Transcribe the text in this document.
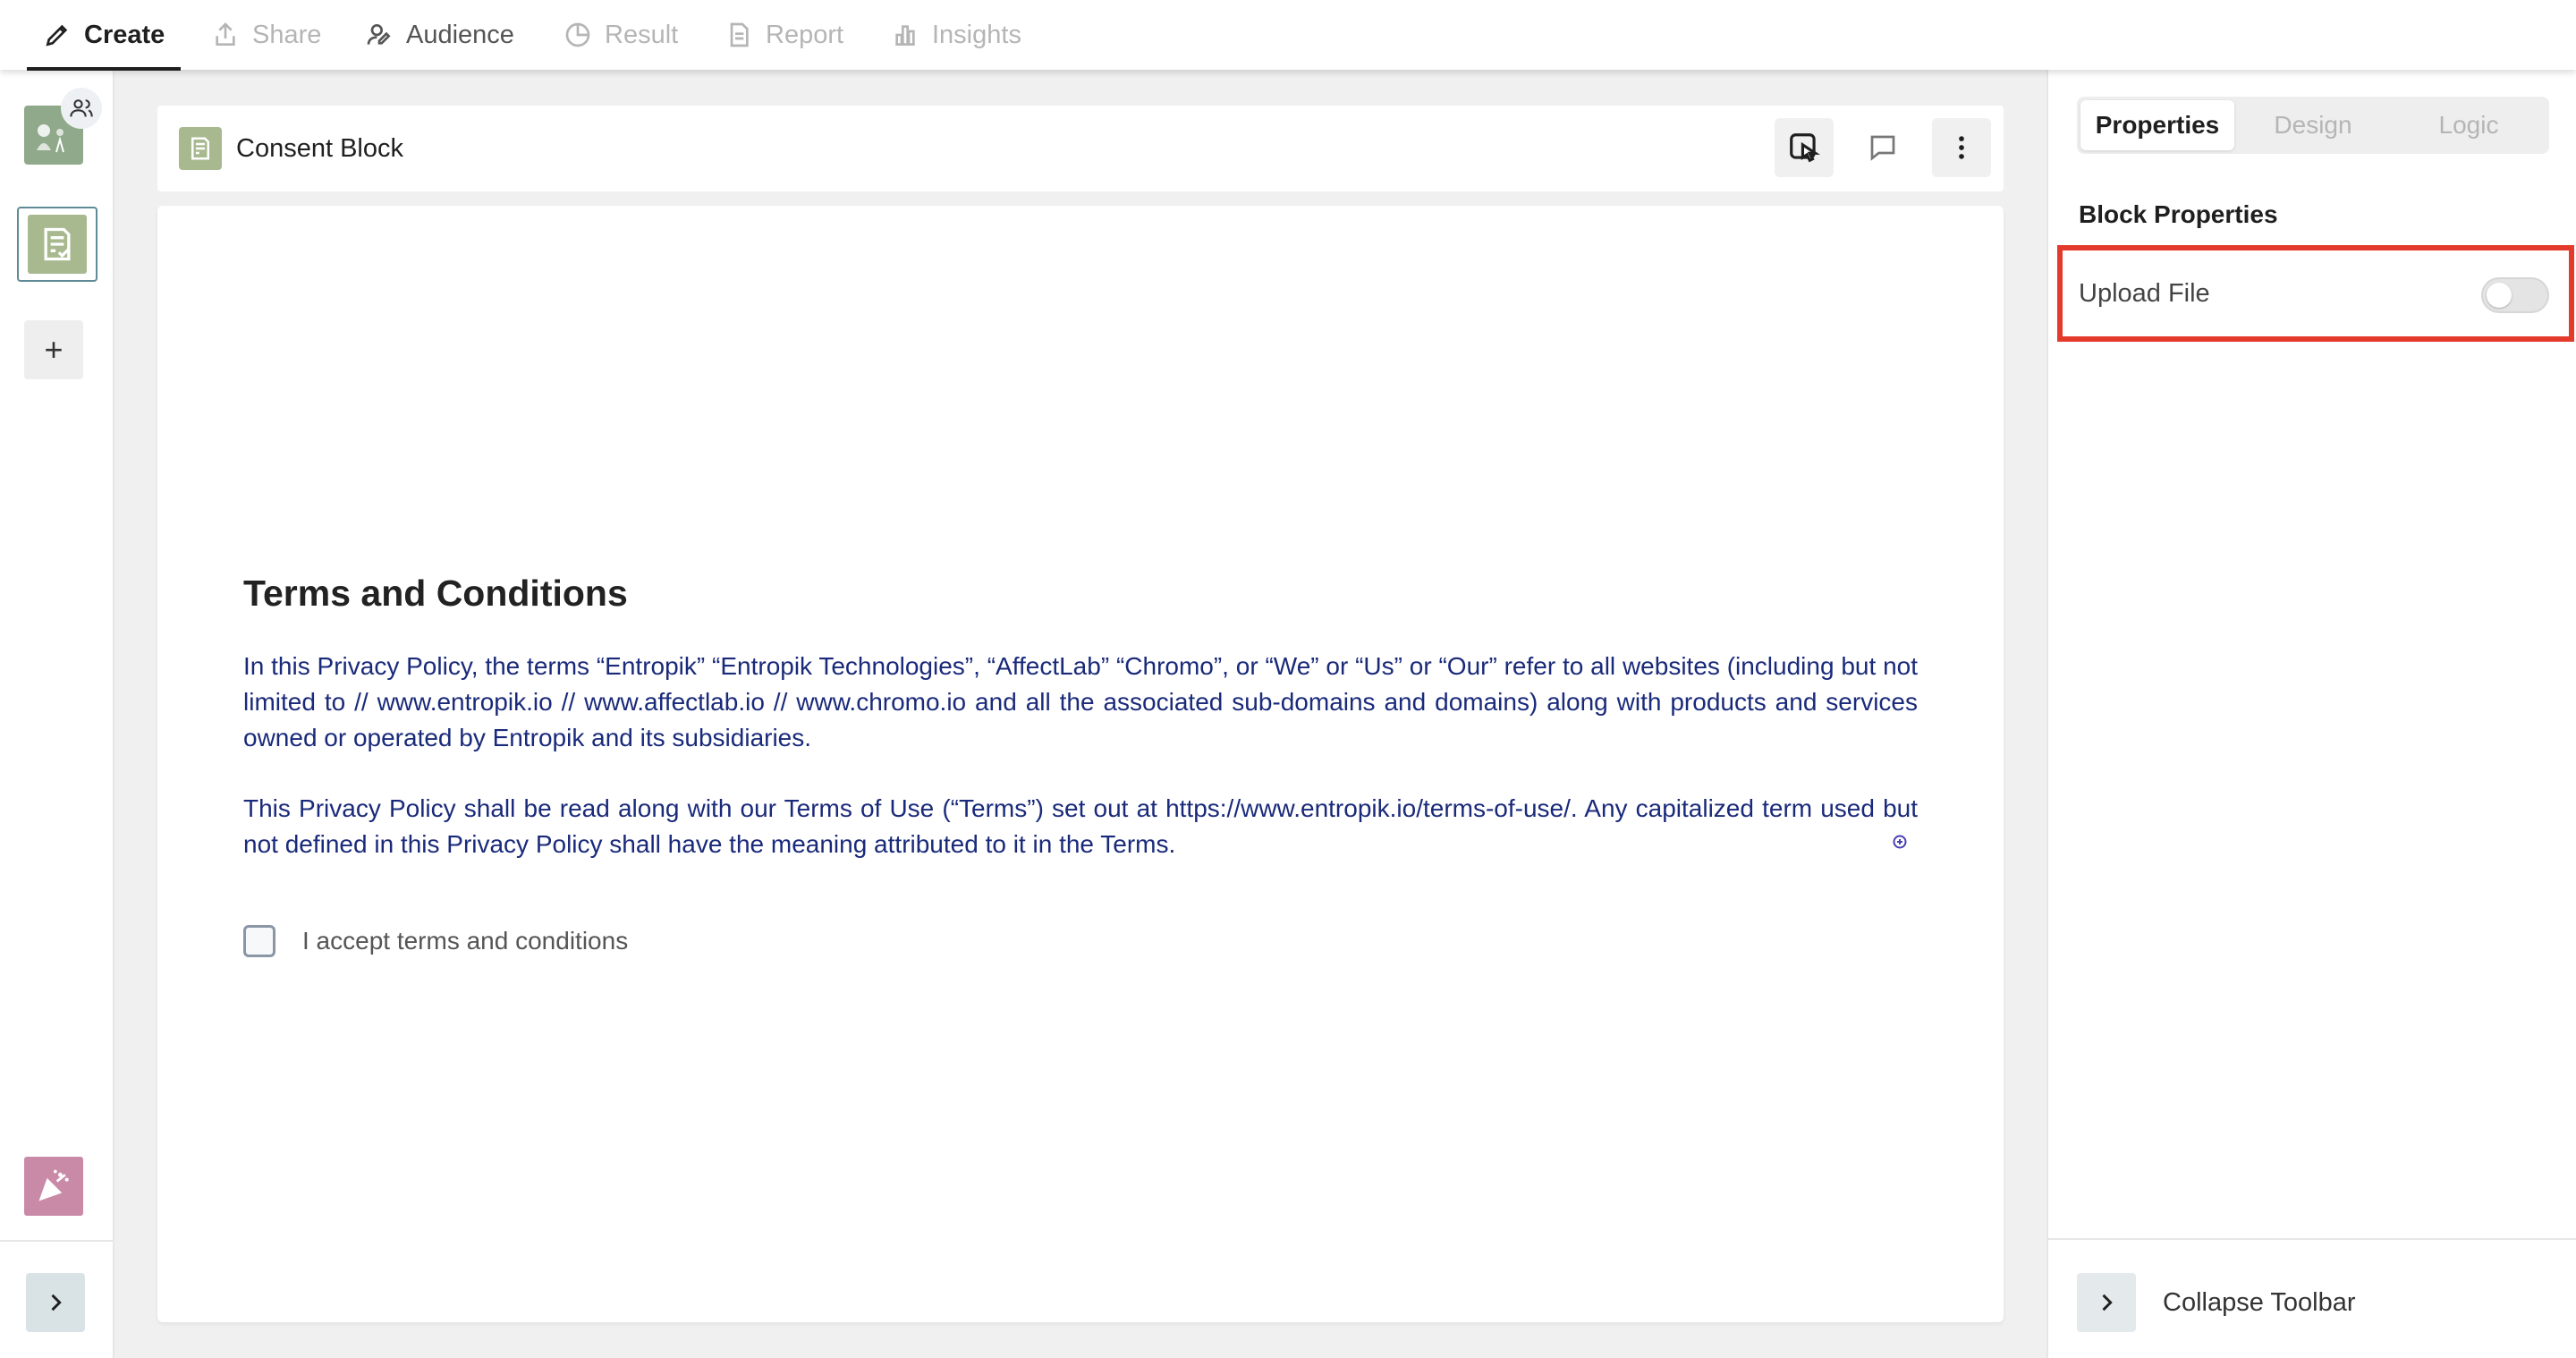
Create	Share	Audience	Result	Report	Insights
+
Consent Block
Terms and Conditions
In this Privacy Policy, the terms “Entropik” “Entropik Technologies”, “AffectLab” “Chromo”, or “We” or “Us” or “Our” refer to all websites (including but not limited to // www.entropik.io // www.affectlab.io // www.chromo.io and all the associated sub-domains and domains) along with products and services owned or operated by Entropik and its subsidiaries.
This Privacy Policy shall be read along with our Terms of Use (“Terms”) set out at https://www.entropik.io/terms-of-use/. Any capitalized term used but not defined in this Privacy Policy shall have the meaning attributed to it in the Terms.
I accept terms and conditions
Properties	Design	Logic
Block Properties
Upload File
Collapse Toolbar
